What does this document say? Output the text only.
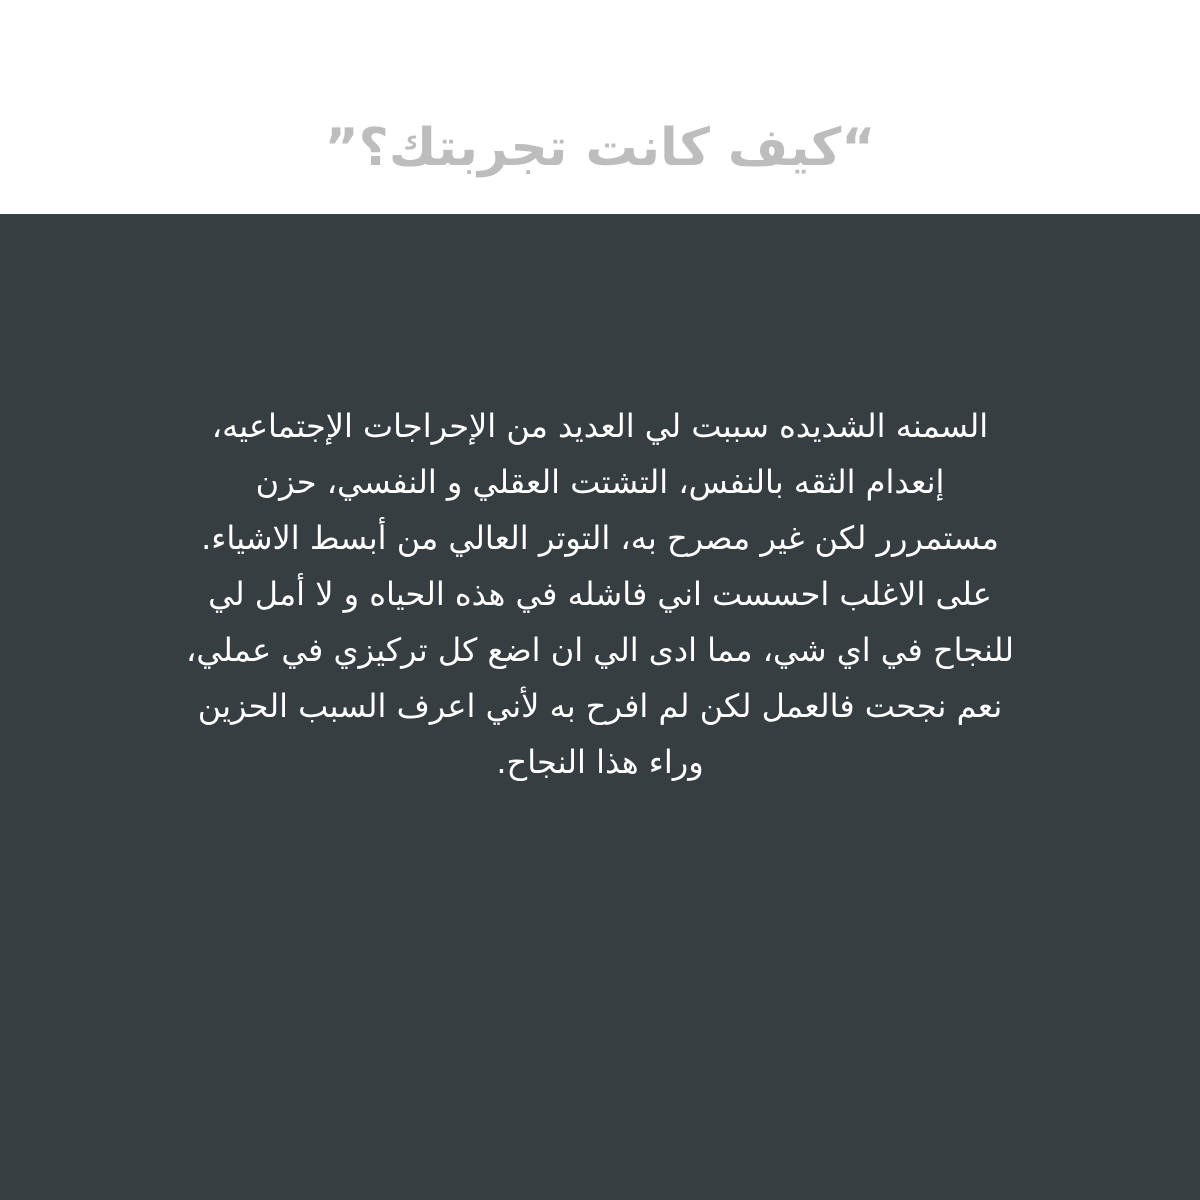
“كيف كانت تجربتك؟”
السمنه الشديده سببت لي العديد من الإحراجات الإجتماعيه،
إنعدام الثقه بالنفس، التشتت العقلي و النفسي، حزن
مستمررر لكن غير مصرح به، التوتر العالي من أبسط الاشياء.
على الاغلب احسست اني فاشله في هذه الحياه و لا أمل لي
للنجاح في اي شي، مما ادى الي ان اضع كل تركيزي في عملي،
نعم نجحت فالعمل لكن لم افرح به لأني اعرف السبب الحزين
وراء هذا النجاح.
